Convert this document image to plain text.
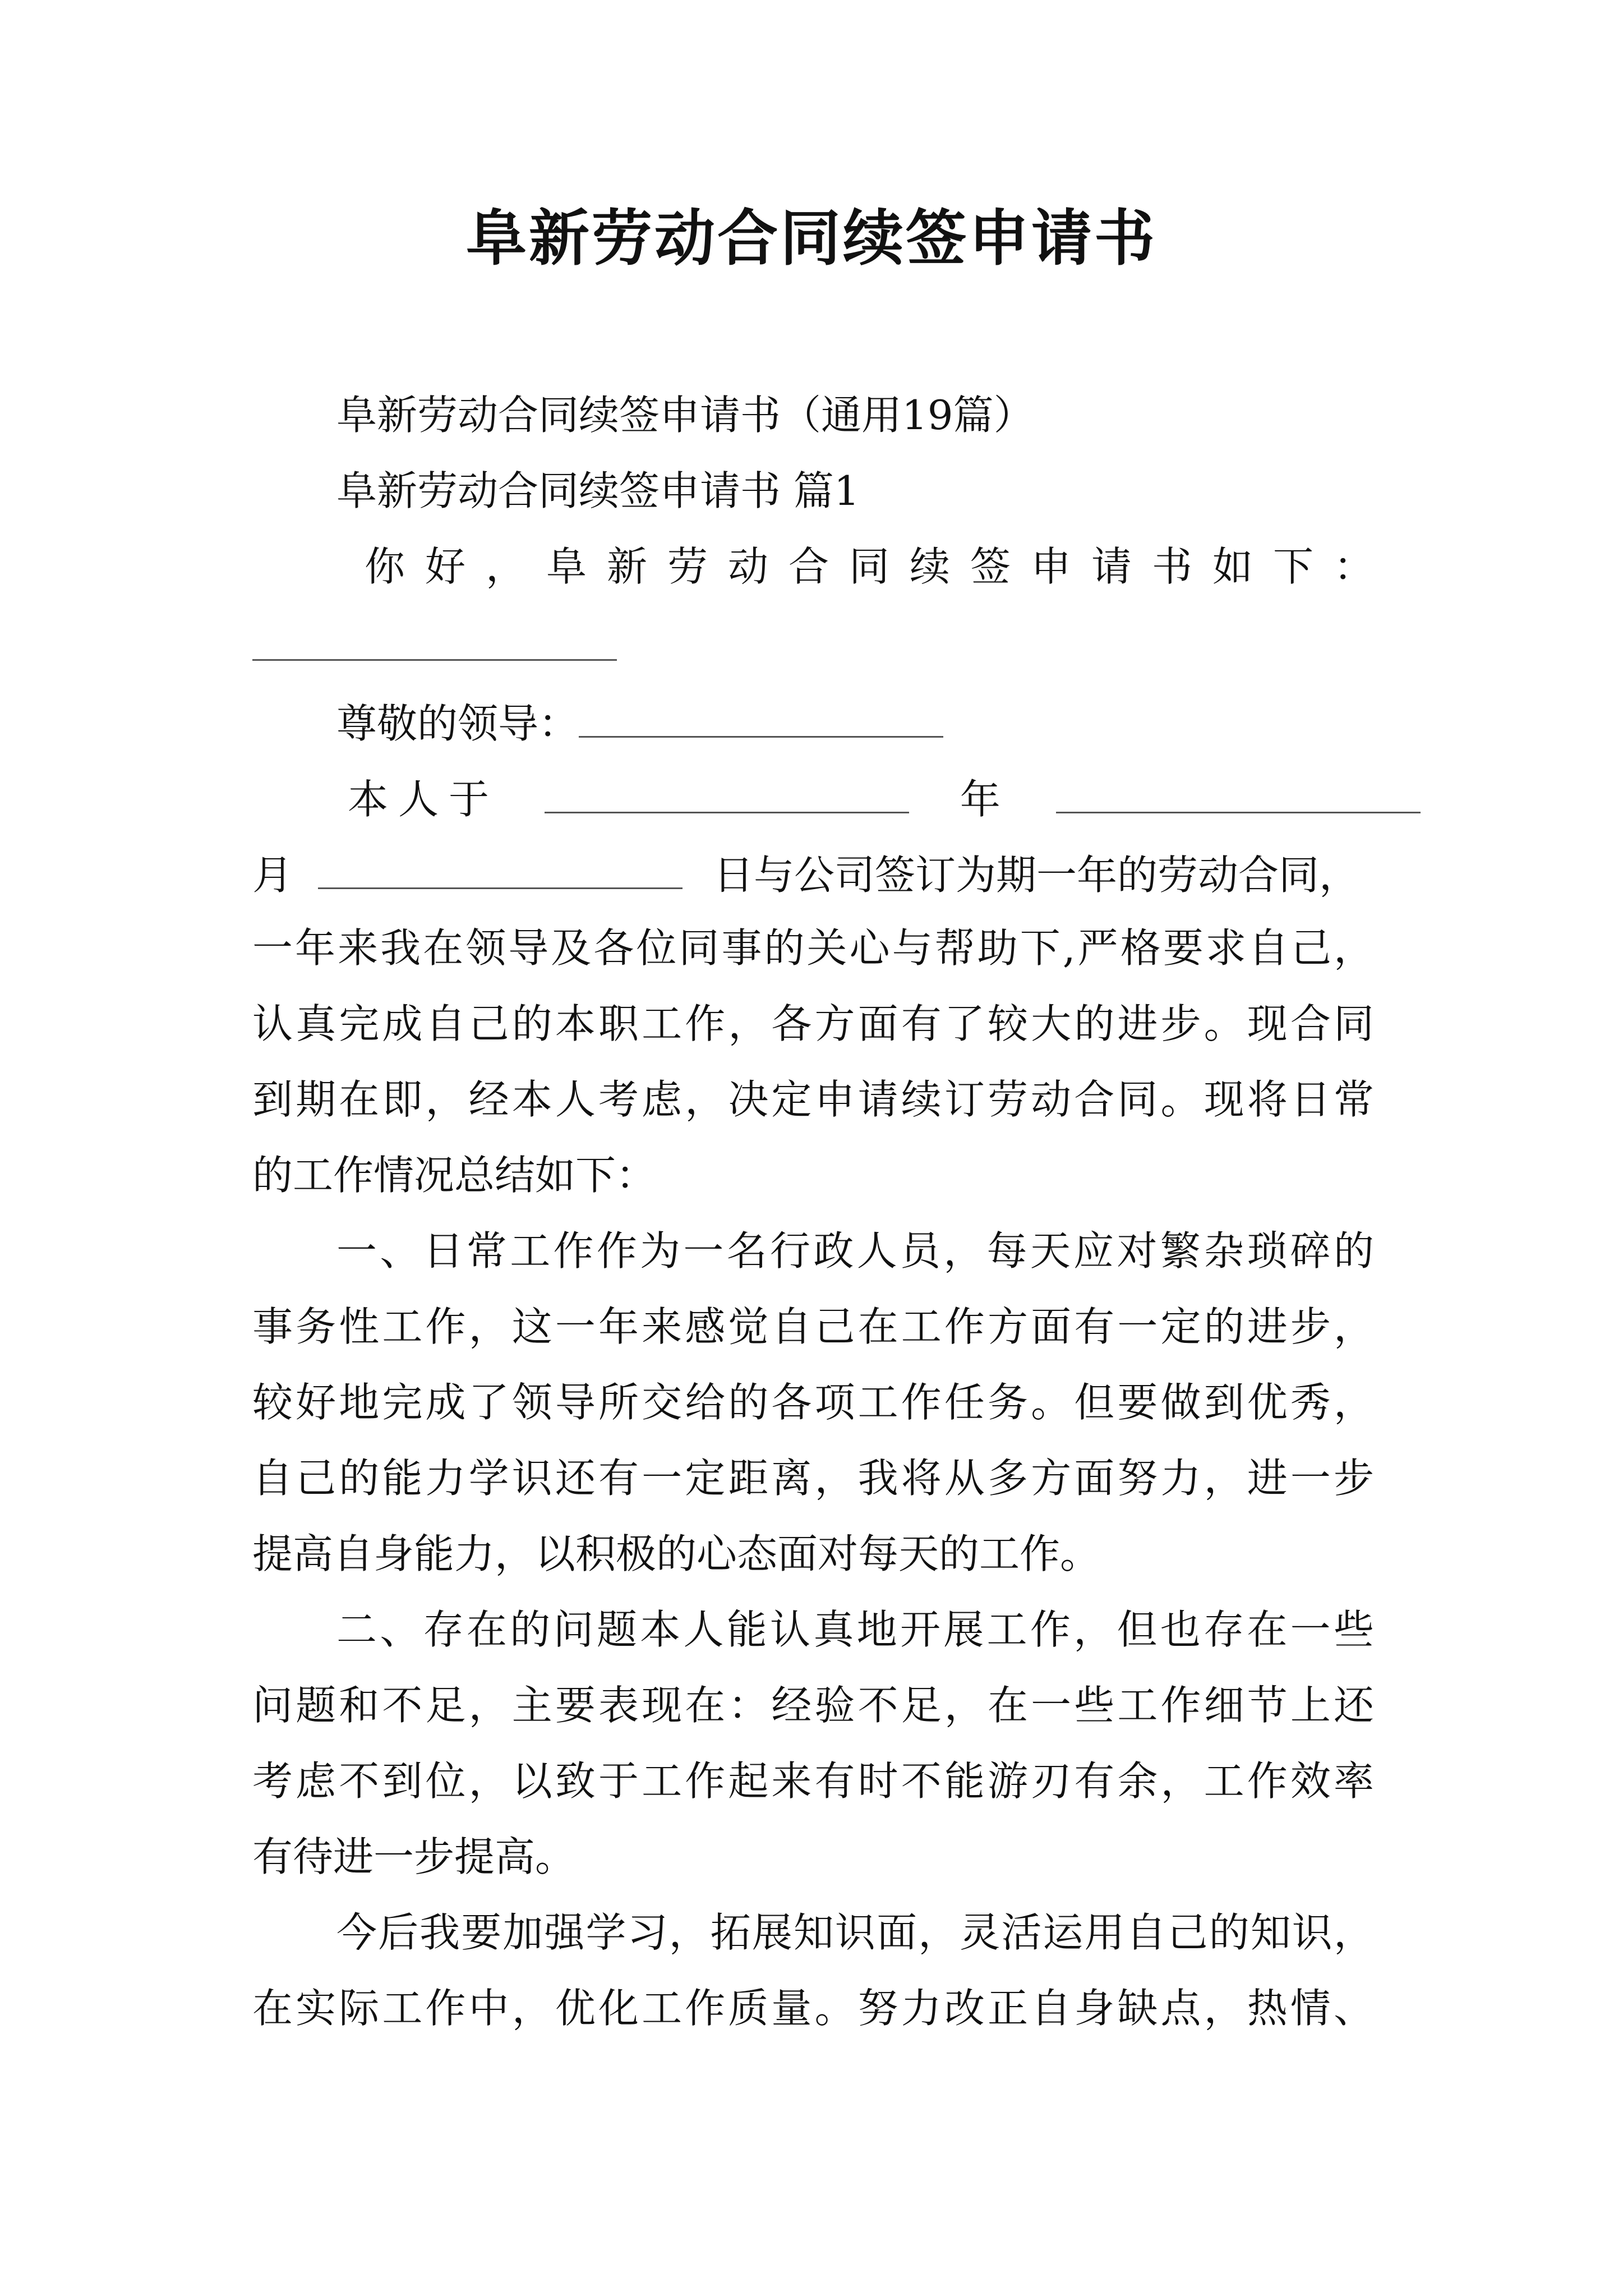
阜新劳动合同续签申请书

阜新劳动合同续签申请书（通用19篇）

阜新劳动合同续签申请书 篇1

你好，阜新劳动合同续签申请书如下：

尊敬的领导：

本人于	年

月	日与公司签订为期一年的劳动合同，

一年来我在领导及各位同事的关心与帮助下,严格要求自己，

认真完成自己的本职工作，各方面有了较大的进步。现合同

到期在即，经本人考虑，决定申请续订劳动合同。现将日常

的工作情况总结如下：

一、日常工作作为一名行政人员，每天应对繁杂琐碎的

事务性工作，这一年来感觉自己在工作方面有一定的进步，

较好地完成了领导所交给的各项工作任务。但要做到优秀，

自己的能力学识还有一定距离，我将从多方面努力，进一步

提高自身能力，以积极的心态面对每天的工作。

二、存在的问题本人能认真地开展工作，但也存在一些

问题和不足，主要表现在：经验不足，在一些工作细节上还

考虑不到位，以致于工作起来有时不能游刃有余，工作效率

有待进一步提高。

今后我要加强学习，拓展知识面，灵活运用自己的知识，

在实际工作中，优化工作质量。努力改正自身缺点，热情、
